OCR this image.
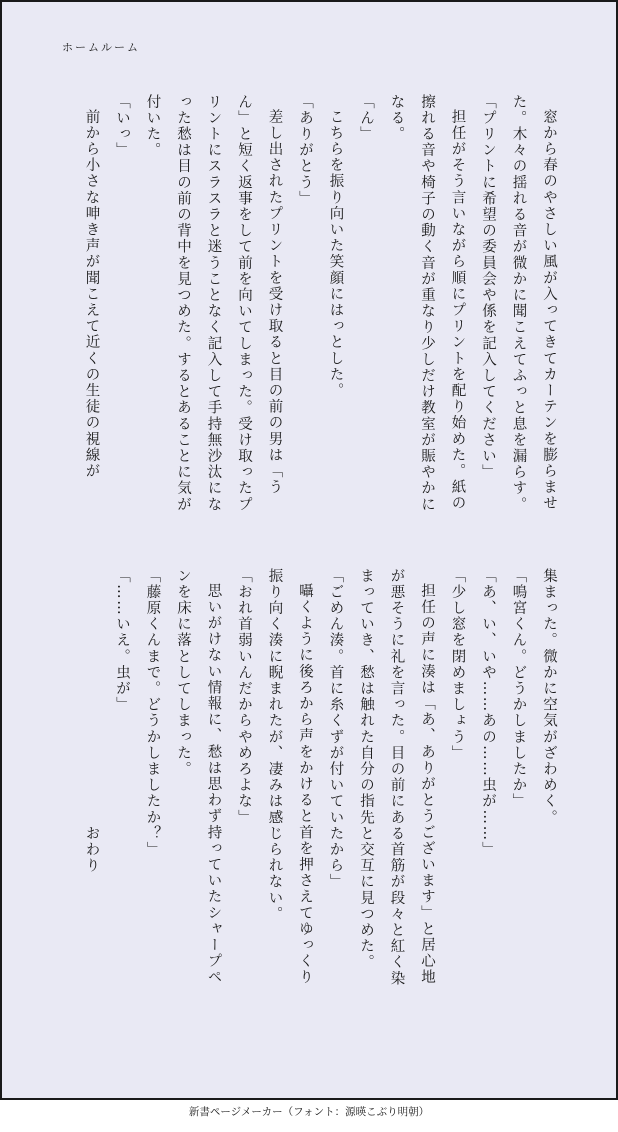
ホームルーム

窓から春のやさしい風が入ってきてカーテンを膨らませた。木々の揺れる音が微かに聞こえてふっと息を漏らす。

「プリントに希望の委員会や係を記入してください」

担任がそう言いながら順にプリントを配り始めた。紙の擦れる音や椅子の動く音が重なり少しだけ教室が賑やかになる。

「ん」

こちらを振り向いた笑顔にはっとした。

「ありがとう」

差し出されたプリントを受け取ると目の前の男は「うん」と短く返事をして前を向いてしまった。受け取ったプリントにスラスラと迷うことなく記入して手持無沙汰になった愁は目の前の背中を見つめた。するとあることに気が付いた。

「いっ」

前から小さな呻き声が聞こえて近くの生徒の視線が

集まった。微かに空気がざわめく。

「鳴宮くん。どうかしましたか」

「あ、い、いや……あの……虫が……」

「少し窓を閉めましょう」

担任の声に湊は「あ、ありがとうございます」と居心地が悪そうに礼を言った。目の前にある首筋が段々と紅く染まっていき、愁は触れた自分の指先と交互に見つめた。

「ごめん湊。首に糸くずが付いていたから」

囁くように後ろから声をかけると首を押さえてゆっくり振り向く湊に睨まれたが、凄みは感じられない。

「おれ首弱いんだからやめろよな」

思いがけない情報に、愁は思わず持っていたシャープペンを床に落としてしまった。

「藤原くんまで。どうかしましたか？」

「……いえ。虫が」

　　　　　　　　　　　　　　　　おわり

新書ページメーカー（フォント：源暎こぶり明朝）
